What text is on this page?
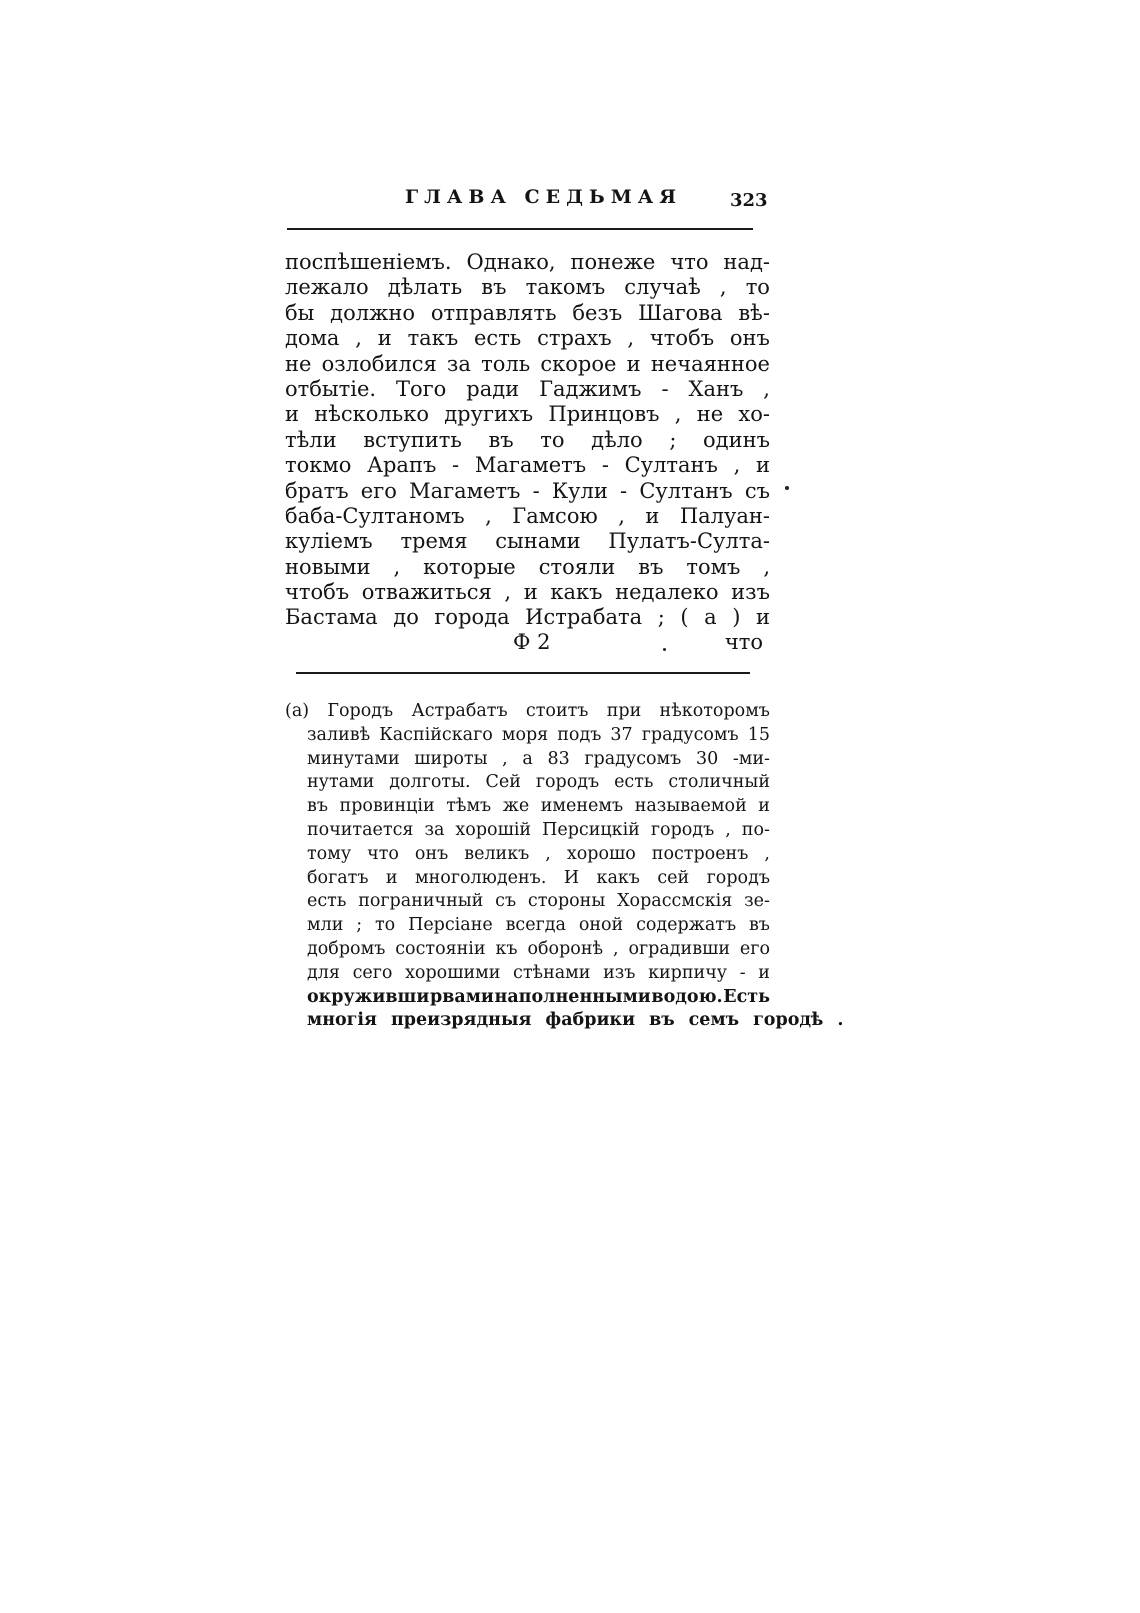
ГЛАВА СЕДЬМАЯ	323
поспѣшеніемъ. Однако, понеже что над-
лежало дѣлать въ такомъ случаѣ , то
бы должно отправлять безъ Шагова вѣ-
дома , и такъ есть страхъ , чтобъ онъ
не озлобился за толь скорое и нечаянное
отбытіе. Того ради Гаджимъ - Ханъ ,
и нѣсколько другихъ Принцовъ , не хо-
тѣли вступить въ то дѣло ; одинъ
токмо Арапъ - Магаметъ - Султанъ , и
братъ его Магаметъ - Кули - Султанъ съ
баба-Султаномъ , Гамсою , и Палуан-
куліемъ тремя сынами Пулатъ-Султа-
новыми , которые стояли въ томъ ,
чтобъ отважиться , и какъ недалеко изъ
Бастама до города Истрабата ; ( а ) и
Ф 2	что
(а) Городъ Астрабатъ стоитъ при нѣкоторомъ
заливѣ Каспійскаго моря подъ 37 градусомъ 15
минутами широты , а 83 градусомъ 30 -ми-
нутами долготы. Сей городъ есть столичный
въ провинціи тѣмъ же именемъ называемой и
почитается за хорошій Персицкій городъ , по-
тому что онъ великъ , хорошо построенъ ,
богатъ и многолюденъ. И какъ сей городъ
есть пограничный съ стороны Хорассмскія зе-
мли ; то Персіане всегда оной содержатъ въ
добромъ состояніи къ оборонѣ , оградивши его
для сего хорошими стѣнами изъ кирпичу - и
окруживши рвами наполненными водою. Есть
многія преизрядныя фабрики въ семъ городѣ .
